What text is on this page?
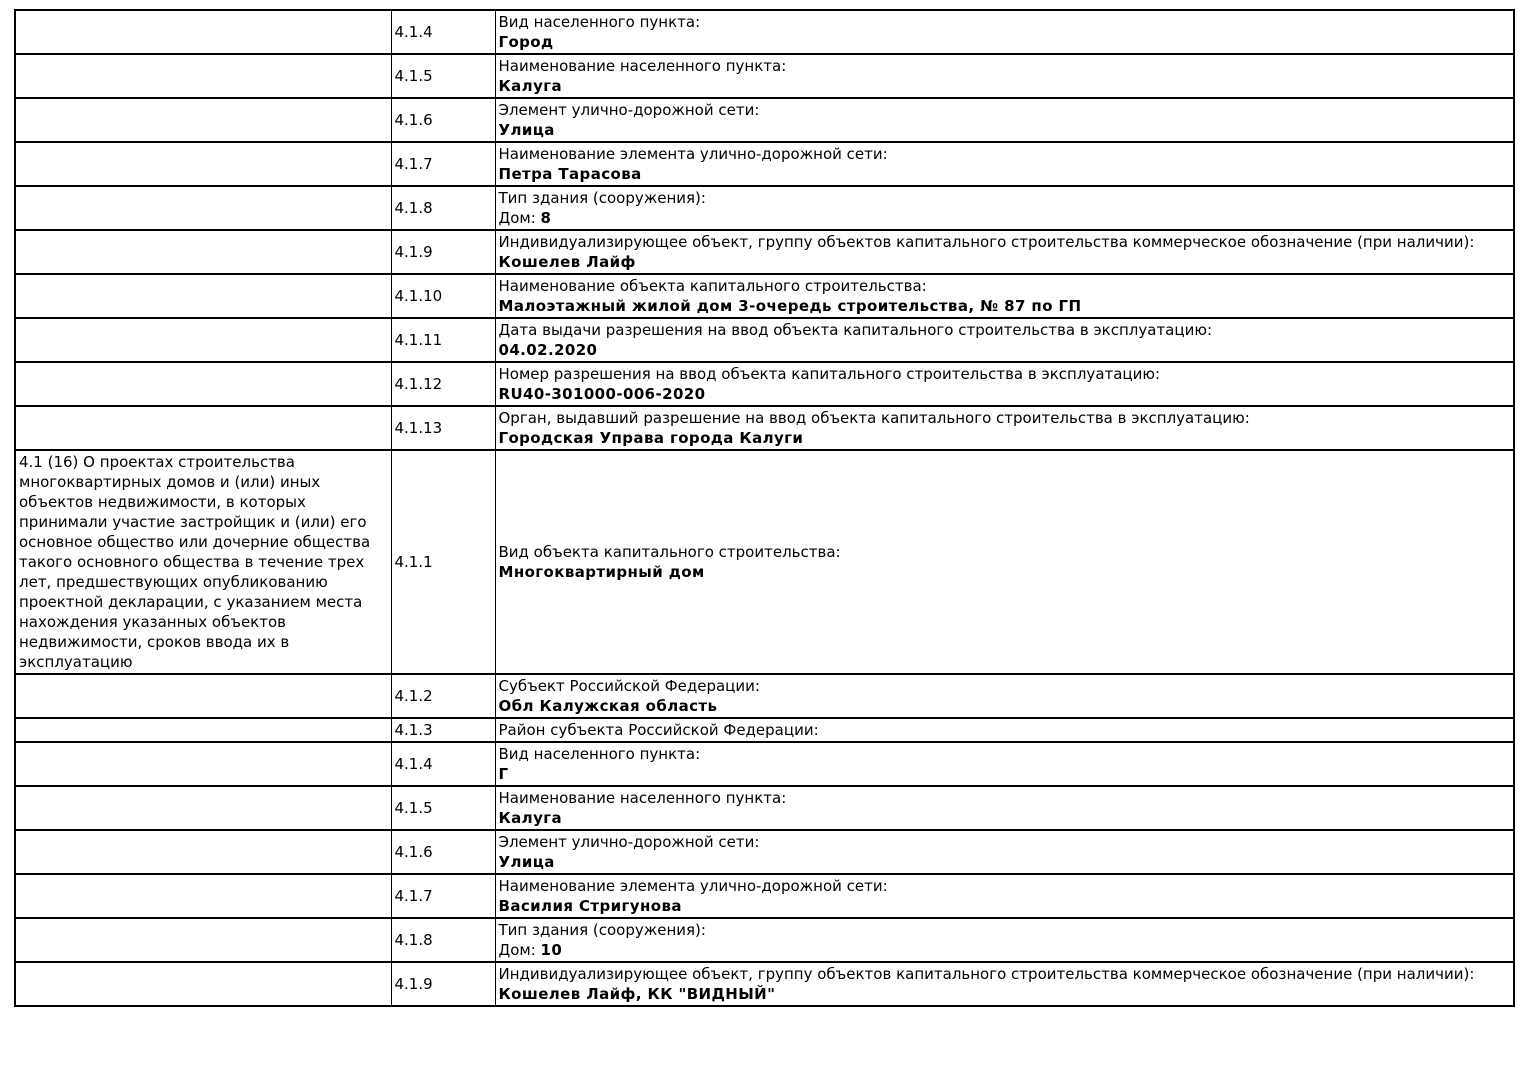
	4.1.4	Вид населенного пункта:
Город

	4.1.5	Наименование населенного пункта:
Калуга

	4.1.6	Элемент улично-дорожной сети:
Улица

	4.1.7	Наименование элемента улично-дорожной сети:
Петра Тарасова

	4.1.8	Тип здания (сооружения):
Дом: 8

	4.1.9	Индивидуализирующее объект, группу объектов капитального строительства коммерческое обозначение (при наличии):
Кошелев Лайф

	4.1.10	Наименование объекта капитального строительства:
Малоэтажный жилой дом 3-очередь строительства, № 87 по ГП

	4.1.11	Дата выдачи разрешения на ввод объекта капитального строительства в эксплуатацию:
04.02.2020

	4.1.12	Номер разрешения на ввод объекта капитального строительства в эксплуатацию:
RU40-301000-006-2020

	4.1.13	Орган, выдавший разрешение на ввод объекта капитального строительства в эксплуатацию:
Городская Управа города Калуги

4.1 (16) О проектах строительства многоквартирных домов и (или) иных объектов недвижимости, в которых принимали участие застройщик и (или) его основное общество или дочерние общества такого основного общества в течение трех лет, предшествующих опубликованию проектной декларации, с указанием места нахождения указанных объектов недвижимости, сроков ввода их в эксплуатацию	4.1.1	Вид объекта капитального строительства:
Многоквартирный дом

	4.1.2	Субъект Российской Федерации:
Обл Калужская область

	4.1.3	Район субъекта Российской Федерации:

	4.1.4	Вид населенного пункта:
Г

	4.1.5	Наименование населенного пункта:
Калуга

	4.1.6	Элемент улично-дорожной сети:
Улица

	4.1.7	Наименование элемента улично-дорожной сети:
Василия Стригунова

	4.1.8	Тип здания (сооружения):
Дом: 10

	4.1.9	Индивидуализирующее объект, группу объектов капитального строительства коммерческое обозначение (при наличии):
Кошелев Лайф, КК "ВИДНЫЙ"
